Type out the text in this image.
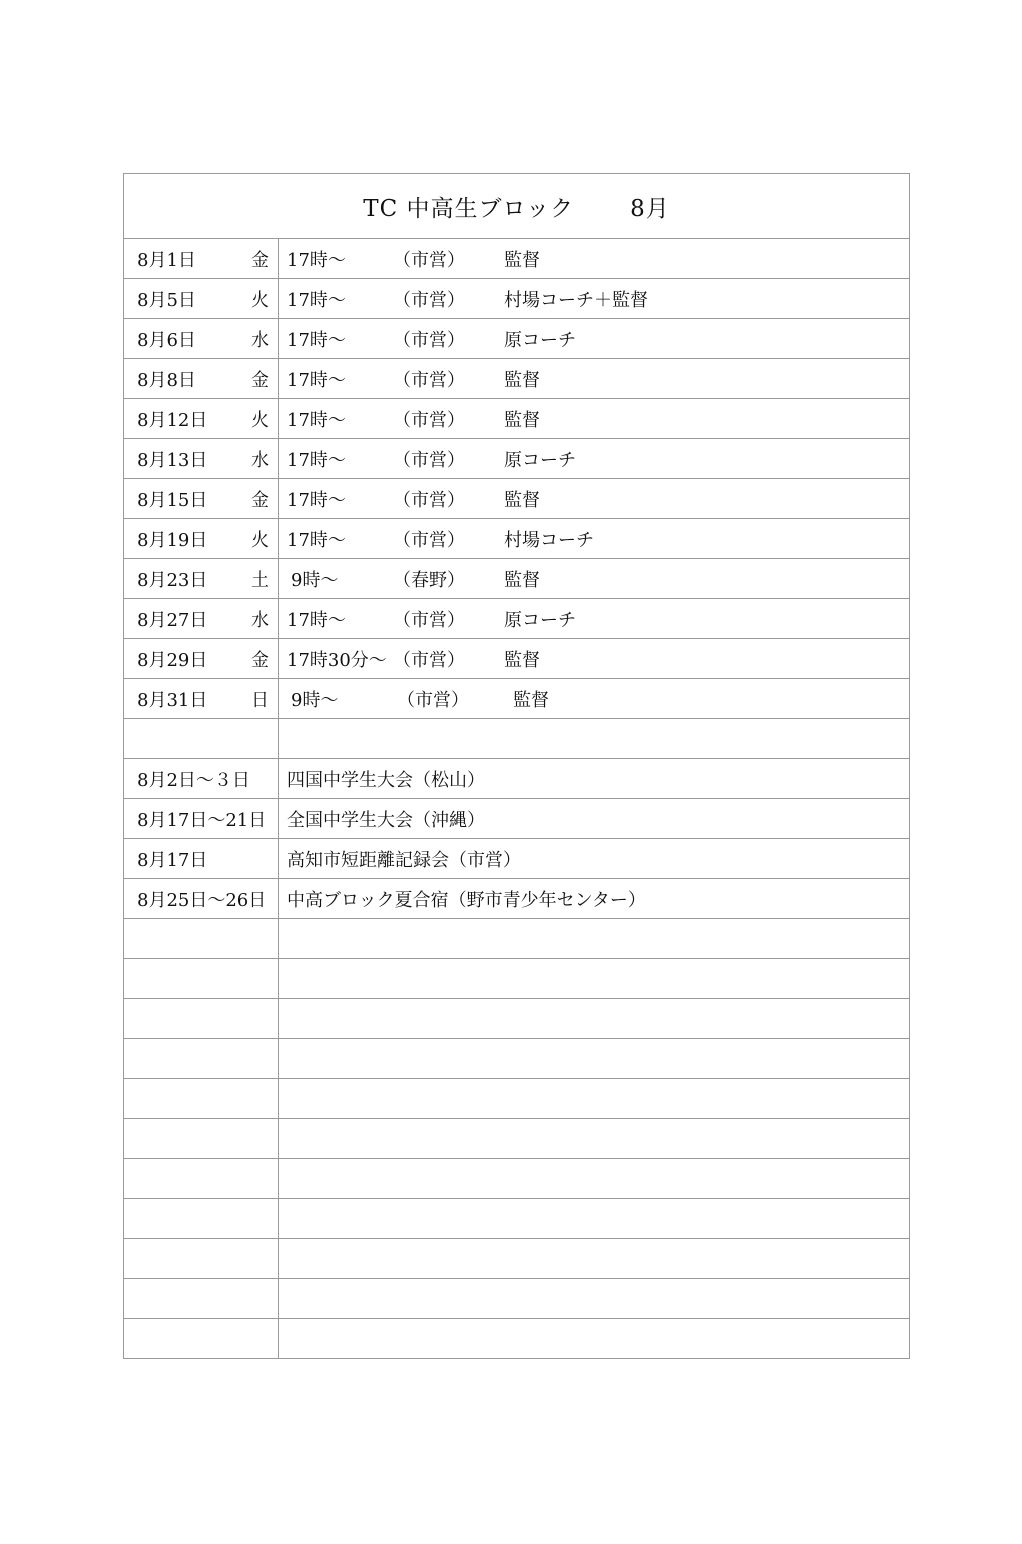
TC 中高生ブロック 8月	

8月1日 金	17時〜 （市営） 監督

8月5日 火	17時〜 （市営） 村場コーチ＋監督

8月6日 水	17時〜 （市営） 原コーチ

8月8日 金	17時〜 （市営） 監督

8月12日 火	17時〜 （市営） 監督

8月13日 水	17時〜 （市営） 原コーチ

8月15日 金	17時〜 （市営） 監督

8月19日 火	17時〜 （市営） 村場コーチ

8月23日 土	9時〜 （春野） 監督

8月27日 水	17時〜 （市営） 原コーチ

8月29日 金	17時30分〜 （市営） 監督

8月31日 日	9時〜 （市営） 監督

8月2日〜３日	四国中学生大会（松山）

8月17日〜21日	全国中学生大会（沖縄）

8月17日	高知市短距離記録会（市営）

8月25日〜26日	中高ブロック夏合宿（野市青少年センター）
